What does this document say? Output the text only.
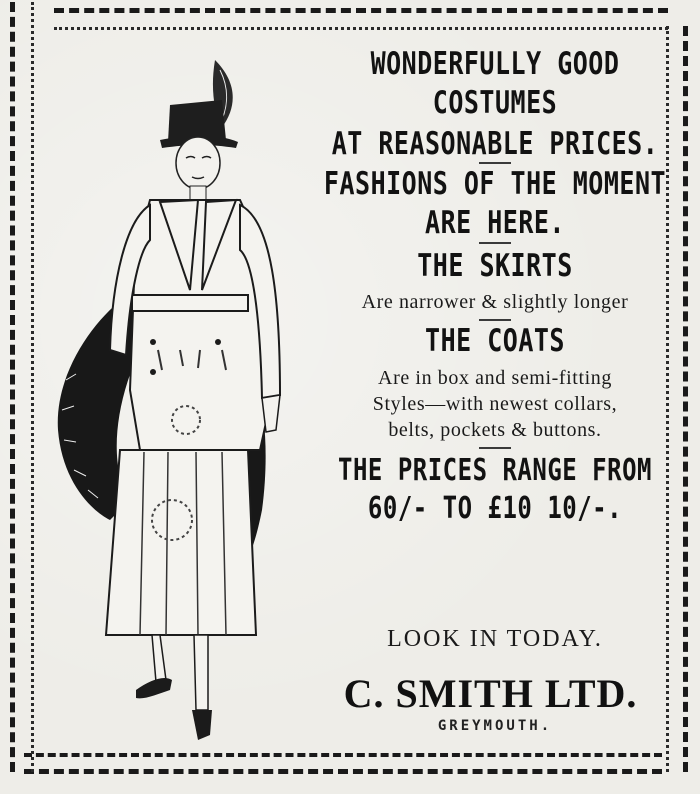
WONDERFULLY GOOD
COSTUMES
AT REASONABLE PRICES.
FASHIONS OF THE MOMENT
ARE HERE.
THE SKIRTS
Are narrower & slightly longer
THE COATS
Are in box and semi-fitting
Styles—with newest collars,
belts, pockets & buttons.
THE PRICES RANGE FROM
60/- TO £10 10/-.
LOOK IN TODAY.
C. SMITH LTD.
GREYMOUTH.
